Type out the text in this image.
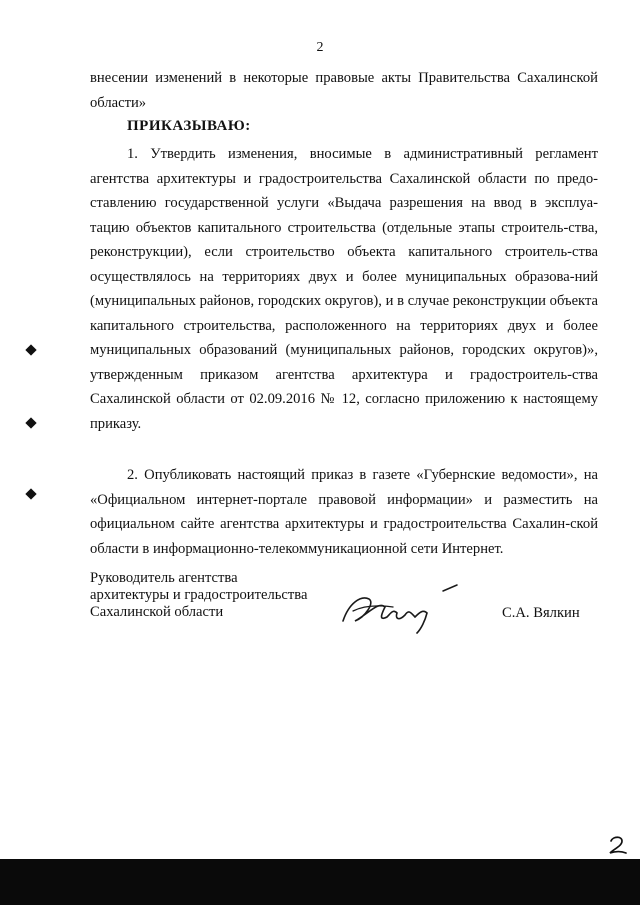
2

внесении изменений в некоторые правовые акты Правительства Сахалинской области»

ПРИКАЗЫВАЮ:

1. Утвердить изменения, вносимые в административный регламент агентства архитектуры и градостроительства Сахалинской области по предо-ставлению государственной услуги «Выдача разрешения на ввод в эксплуа-тацию объектов капитального строительства (отдельные этапы строитель-ства, реконструкции), если строительство объекта капитального строитель-ства осуществлялось на территориях двух и более муниципальных образова-ний (муниципальных районов, городских округов), и в случае реконструкции объекта капитального строительства, расположенного на территориях двух и более муниципальных образований (муниципальных районов, городских округов)», утвержденным приказом агентства архитектура и градостроитель-ства Сахалинской области от 02.09.2016 № 12, согласно приложению к настоящему приказу.

2. Опубликовать настоящий приказ в газете «Губернские ведомости», на «Официальном интернет-портале правовой информации» и разместить на официальном сайте агентства архитектуры и градостроительства Сахалин-ской области в информационно-телекоммуникационной сети Интернет.

Руководитель агентства
архитектуры и градостроительства
Сахалинской области	С.А. Вялкин
